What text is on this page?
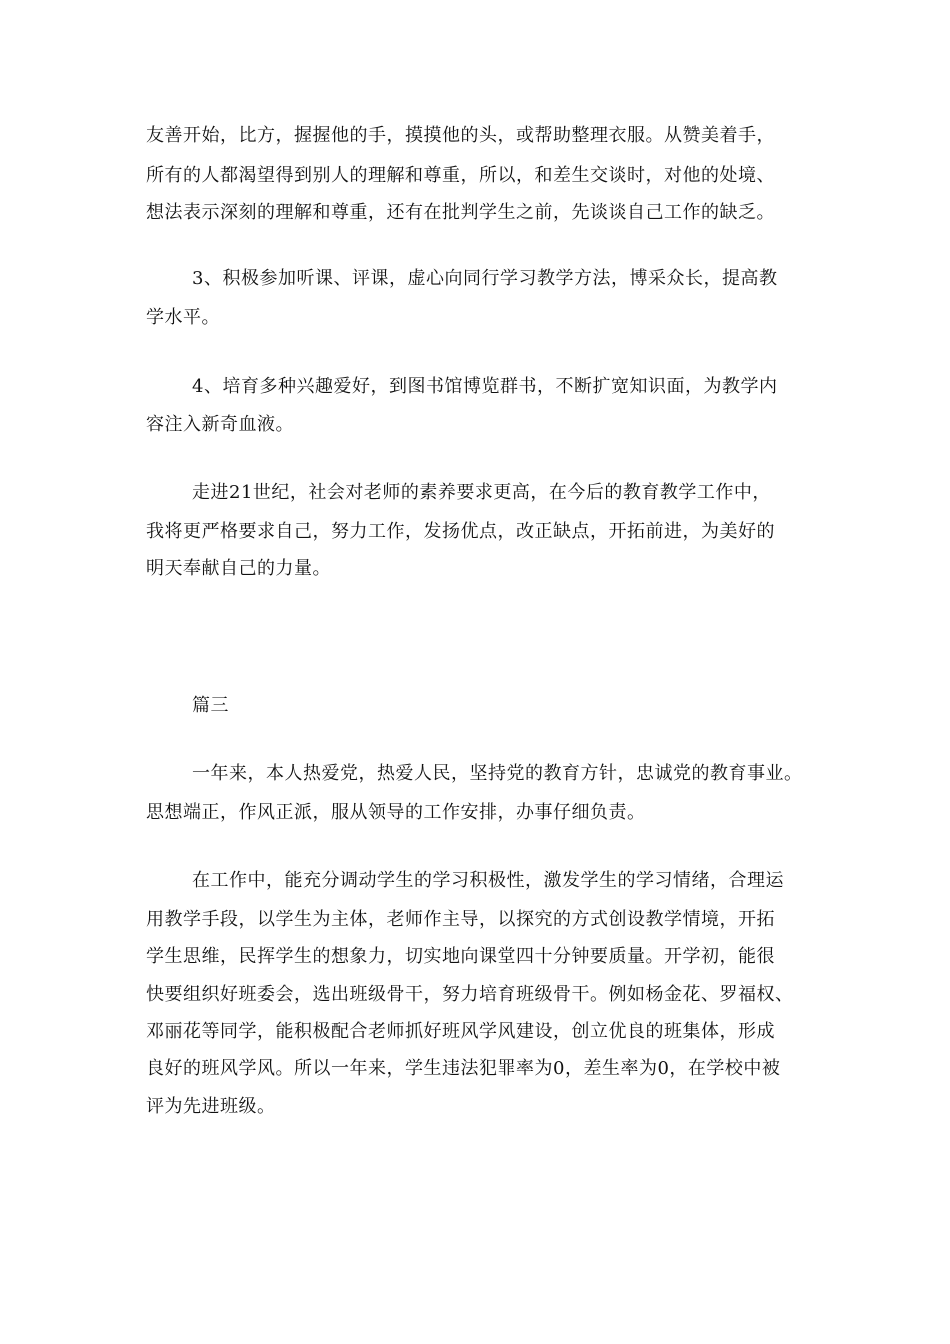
友善开始，比方，握握他的手，摸摸他的头，或帮助整理衣服。从赞美着手，
所有的人都渴望得到别人的理解和尊重，所以，和差生交谈时，对他的处境、
想法表示深刻的理解和尊重，还有在批判学生之前，先谈谈自己工作的缺乏。
3、积极参加听课、评课，虚心向同行学习教学方法，博采众长，提高教
学水平。
4、培育多种兴趣爱好，到图书馆博览群书，不断扩宽知识面，为教学内
容注入新奇血液。
走进21世纪，社会对老师的素养要求更高，在今后的教育教学工作中，
我将更严格要求自己，努力工作，发扬优点，改正缺点，开拓前进，为美好的
明天奉献自己的力量。
篇三
一年来，本人热爱党，热爱人民，坚持党的教育方针，忠诚党的教育事业。
思想端正，作风正派，服从领导的工作安排，办事仔细负责。
在工作中，能充分调动学生的学习积极性，激发学生的学习情绪，合理运
用教学手段，以学生为主体，老师作主导，以探究的方式创设教学情境，开拓
学生思维，民挥学生的想象力，切实地向课堂四十分钟要质量。开学初，能很
快要组织好班委会，选出班级骨干，努力培育班级骨干。例如杨金花、罗福权、
邓丽花等同学，能积极配合老师抓好班风学风建设，创立优良的班集体，形成
良好的班风学风。所以一年来，学生违法犯罪率为0，差生率为0，在学校中被
评为先进班级。
